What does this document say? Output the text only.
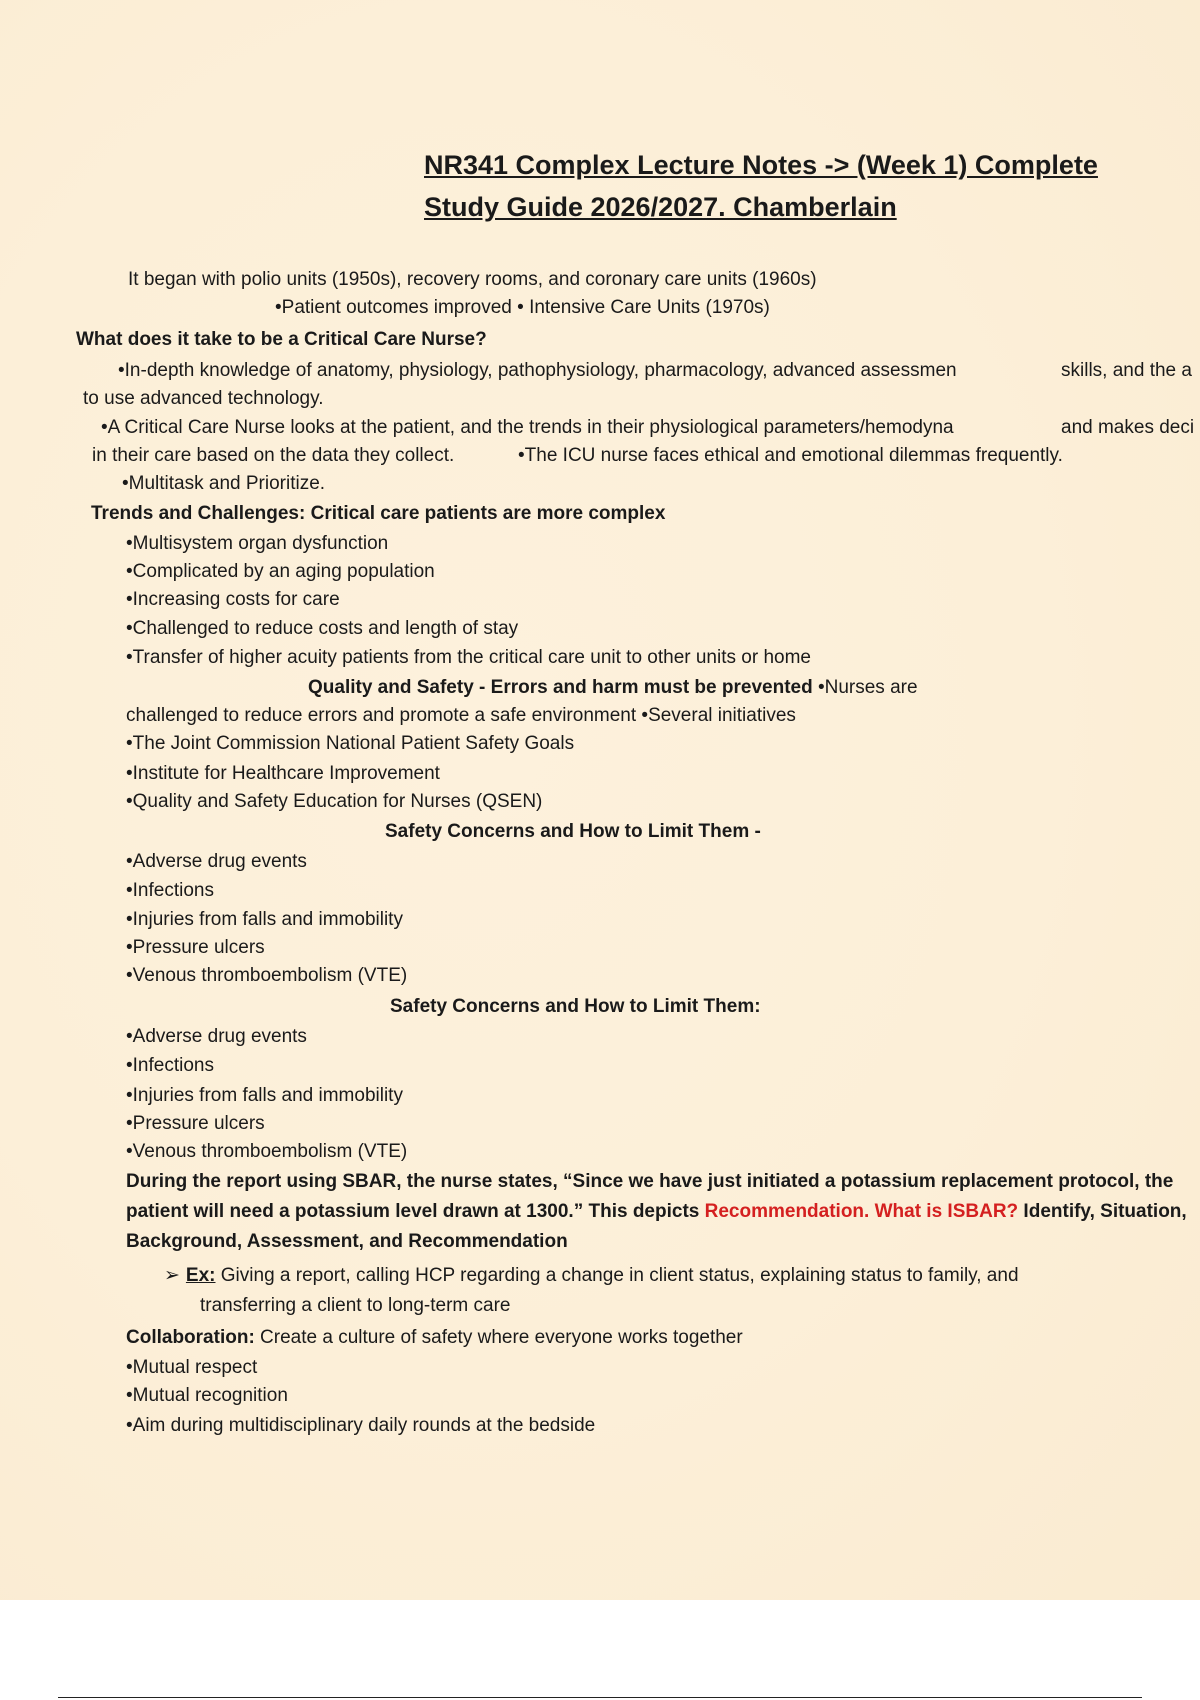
NR341 Complex Lecture Notes -> (Week 1) Complete
Study Guide 2026/2027. Chamberlain
It began with polio units (1950s), recovery rooms, and coronary care units (1960s)
•Patient outcomes improved • Intensive Care Units (1970s)
What does it take to be a Critical Care Nurse?
•In-depth knowledge of anatomy, physiology, pathophysiology, pharmacology, advanced assessmen	skills, and the a
to use advanced technology.
•A Critical Care Nurse looks at the patient, and the trends in their physiological parameters/hemodyna	and makes deci
in their care based on the data they collect.	•The ICU nurse faces ethical and emotional dilemmas frequently.
•Multitask and Prioritize.
Trends and Challenges: Critical care patients are more complex
•Multisystem organ dysfunction
•Complicated by an aging population
•Increasing costs for care
•Challenged to reduce costs and length of stay
•Transfer of higher acuity patients from the critical care unit to other units or home
Quality and Safety - Errors and harm must be prevented •Nurses are
challenged to reduce errors and promote a safe environment •Several initiatives
•The Joint Commission National Patient Safety Goals
•Institute for Healthcare Improvement
•Quality and Safety Education for Nurses (QSEN)
Safety Concerns and How to Limit Them -
•Adverse drug events
•Infections
•Injuries from falls and immobility
•Pressure ulcers
•Venous thromboembolism (VTE)
Safety Concerns and How to Limit Them:
•Adverse drug events
•Infections
•Injuries from falls and immobility
•Pressure ulcers
•Venous thromboembolism (VTE)
During the report using SBAR, the nurse states, “Since we have just initiated a potassium replacement protocol, the
patient will need a potassium level drawn at 1300.” This depicts Recommendation. What is ISBAR? Identify, Situation,
Background, Assessment, and Recommendation
➢ Ex: Giving a report, calling HCP regarding a change in client status, explaining status to family, and
transferring a client to long-term care
Collaboration: Create a culture of safety where everyone works together
•Mutual respect
•Mutual recognition
•Aim during multidisciplinary daily rounds at the bedside
